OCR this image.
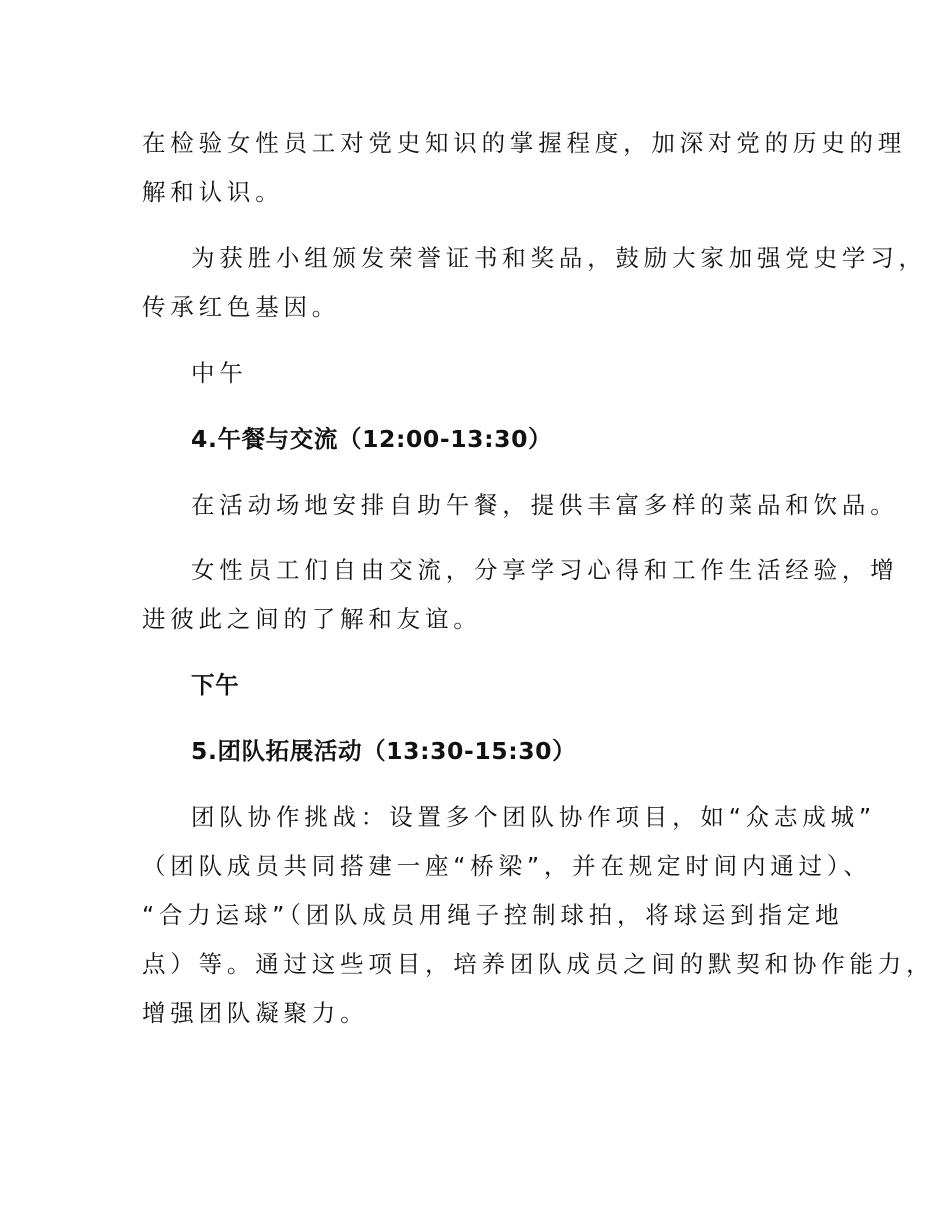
在检验女性员工对党史知识的掌握程度，加深对党的历史的理
解和认识。
为获胜小组颁发荣誉证书和奖品，鼓励大家加强党史学习，
传承红色基因。
中午
4.午餐与交流（12:00-13:30）
在活动场地安排自助午餐，提供丰富多样的菜品和饮品。
女性员工们自由交流，分享学习心得和工作生活经验，增
进彼此之间的了解和友谊。
下午
5.团队拓展活动（13:30-15:30）
团队协作挑战：设置多个团队协作项目，如“众志成城”
（团队成员共同搭建一座“桥梁”，并在规定时间内通过）、
“合力运球”（团队成员用绳子控制球拍，将球运到指定地
点）等。通过这些项目，培养团队成员之间的默契和协作能力，
增强团队凝聚力。
